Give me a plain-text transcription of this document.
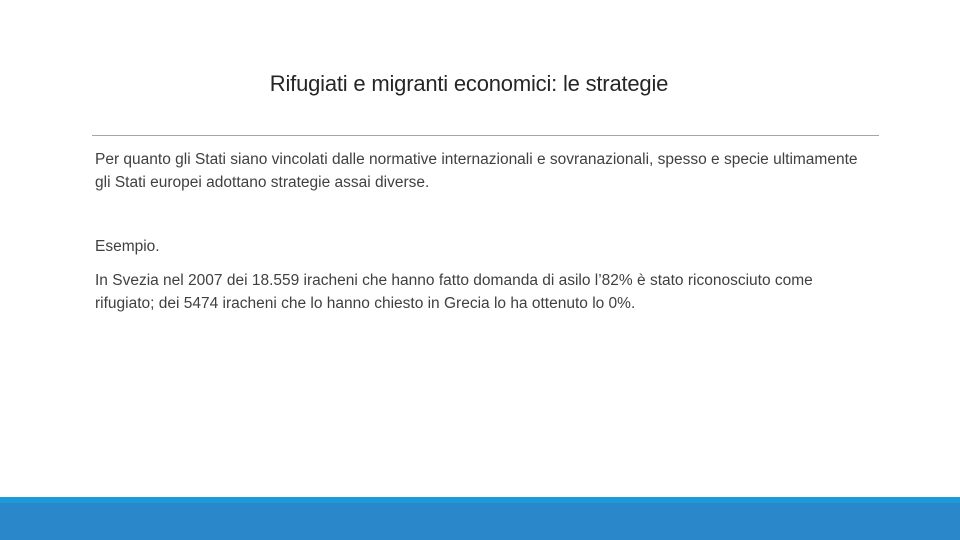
Rifugiati e migranti economici: le strategie

Per quanto gli Stati siano vincolati dalle normative internazionali e sovranazionali, spesso e specie ultimamente gli Stati europei adottano strategie assai diverse.

Esempio.

In Svezia nel 2007 dei 18.559 iracheni che hanno fatto domanda di asilo l’82% è stato riconosciuto come rifugiato; dei 5474 iracheni che lo hanno chiesto in Grecia lo ha ottenuto lo 0%.
